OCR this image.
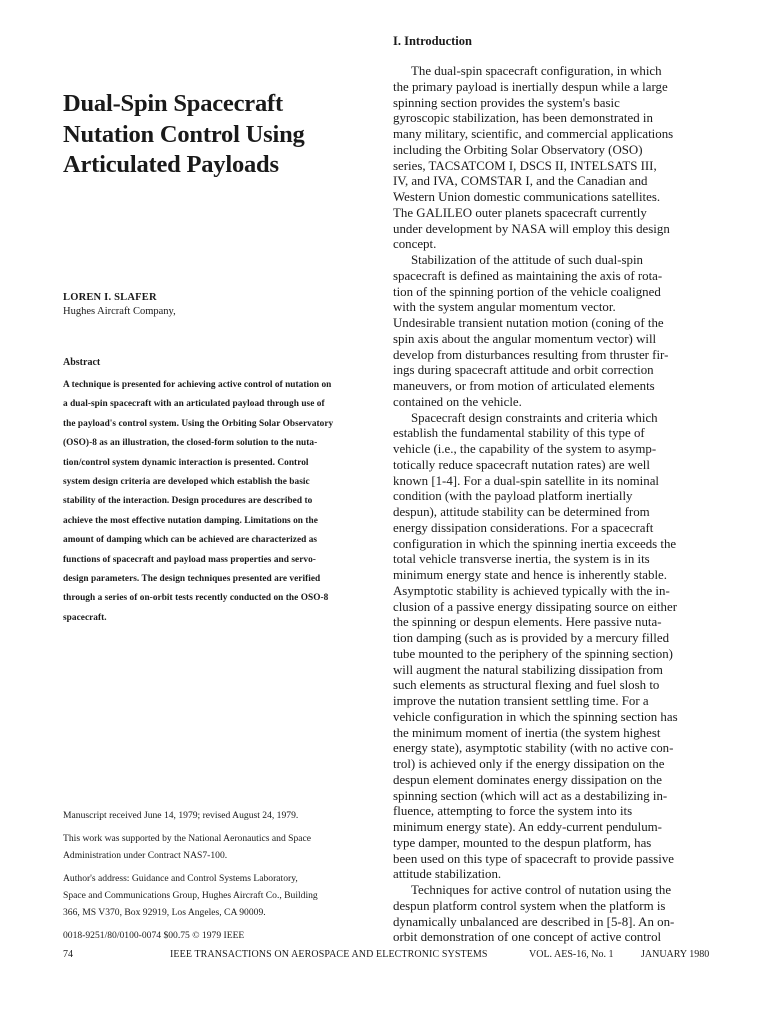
Dual-Spin Spacecraft
Nutation Control Using
Articulated Payloads
LOREN I. SLAFER
Hughes Aircraft Company,
Abstract
A technique is presented for achieving active control of nutation on
a dual-spin spacecraft with an articulated payload through use of
the payload's control system. Using the Orbiting Solar Observatory
(OSO)-8 as an illustration, the closed-form solution to the nuta-
tion/control system dynamic interaction is presented. Control
system design criteria are developed which establish the basic
stability of the interaction. Design procedures are described to
achieve the most effective nutation damping. Limitations on the
amount of damping which can be achieved are characterized as
functions of spacecraft and payload mass properties and servo-
design parameters. The design techniques presented are verified
through a series of on-orbit tests recently conducted on the OSO-8
spacecraft.
Manuscript received June 14, 1979; revised August 24, 1979.
This work was supported by the National Aeronautics and Space
Administration under Contract NAS7-100.
Author's address: Guidance and Control Systems Laboratory,
Space and Communications Group, Hughes Aircraft Co., Building
366, MS V370, Box 92919, Los Angeles, CA 90009.
0018-9251/80/0100-0074 $00.75 © 1979 IEEE
I. Introduction
The dual-spin spacecraft configuration, in which
the primary payload is inertially despun while a large
spinning section provides the system's basic
gyroscopic stabilization, has been demonstrated in
many military, scientific, and commercial applications
including the Orbiting Solar Observatory (OSO)
series, TACSATCOM I, DSCS II, INTELSATS III,
IV, and IVA, COMSTAR I, and the Canadian and
Western Union domestic communications satellites.
The GALILEO outer planets spacecraft currently
under development by NASA will employ this design
concept.
Stabilization of the attitude of such dual-spin
spacecraft is defined as maintaining the axis of rota-
tion of the spinning portion of the vehicle coaligned
with the system angular momentum vector.
Undesirable transient nutation motion (coning of the
spin axis about the angular momentum vector) will
develop from disturbances resulting from thruster fir-
ings during spacecraft attitude and orbit correction
maneuvers, or from motion of articulated elements
contained on the vehicle.
Spacecraft design constraints and criteria which
establish the fundamental stability of this type of
vehicle (i.e., the capability of the system to asymp-
totically reduce spacecraft nutation rates) are well
known [1-4]. For a dual-spin satellite in its nominal
condition (with the payload platform inertially
despun), attitude stability can be determined from
energy dissipation considerations. For a spacecraft
configuration in which the spinning inertia exceeds the
total vehicle transverse inertia, the system is in its
minimum energy state and hence is inherently stable.
Asymptotic stability is achieved typically with the in-
clusion of a passive energy dissipating source on either
the spinning or despun elements. Here passive nuta-
tion damping (such as is provided by a mercury filled
tube mounted to the periphery of the spinning section)
will augment the natural stabilizing dissipation from
such elements as structural flexing and fuel slosh to
improve the nutation transient settling time. For a
vehicle configuration in which the spinning section has
the minimum moment of inertia (the system highest
energy state), asymptotic stability (with no active con-
trol) is achieved only if the energy dissipation on the
despun element dominates energy dissipation on the
spinning section (which will act as a destabilizing in-
fluence, attempting to force the system into its
minimum energy state). An eddy-current pendulum-
type damper, mounted to the despun platform, has
been used on this type of spacecraft to provide passive
attitude stabilization.
Techniques for active control of nutation using the
despun platform control system when the platform is
dynamically unbalanced are described in [5-8]. An on-
orbit demonstration of one concept of active control
74	IEEE TRANSACTIONS ON AEROSPACE AND ELECTRONIC SYSTEMS	VOL. AES-16, No. 1	JANUARY 1980
